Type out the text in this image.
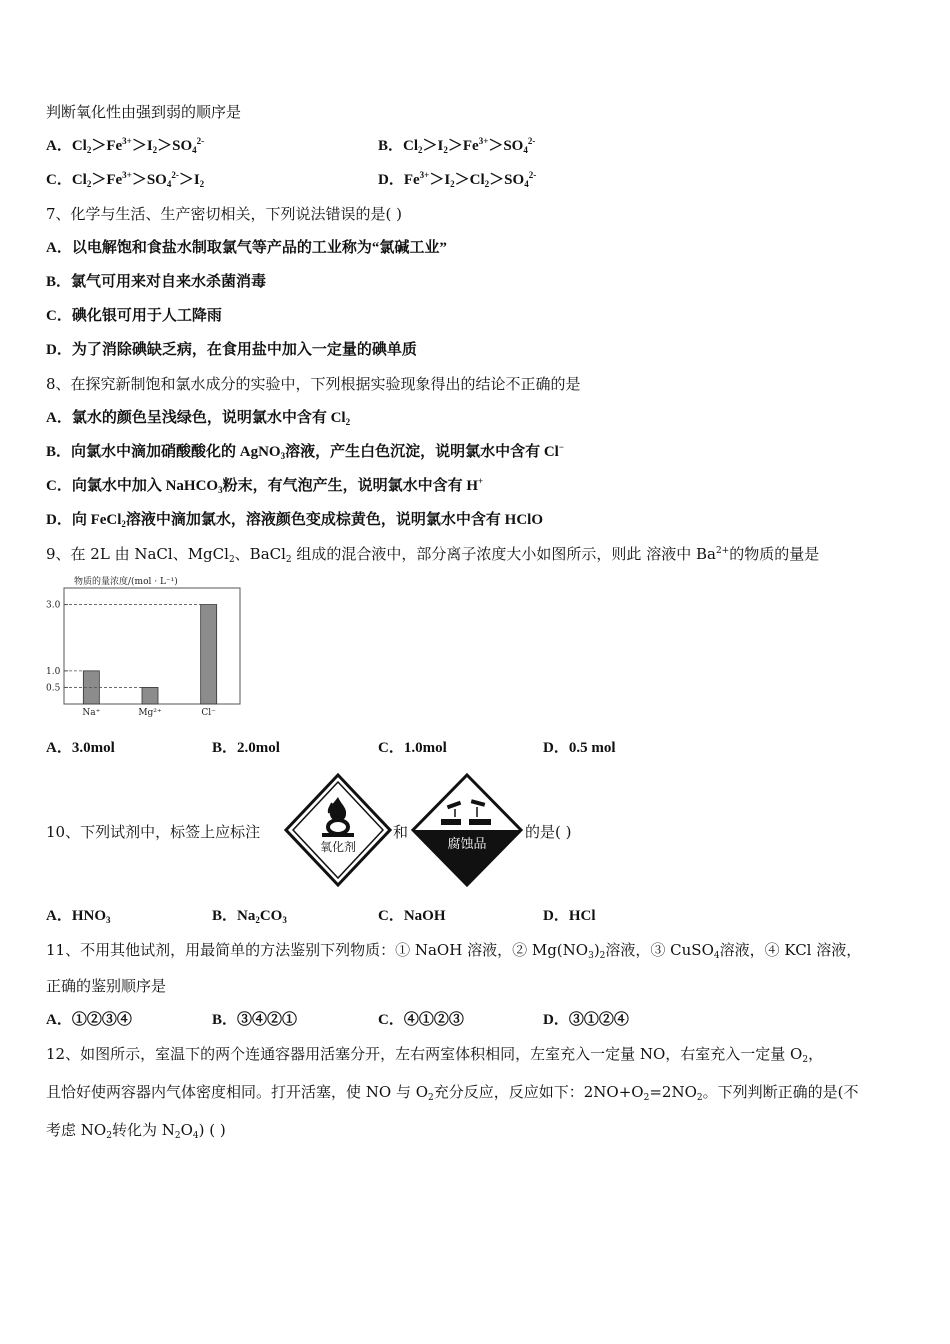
判断氧化性由强到弱的顺序是
A．$Cl_2>Fe^{3+}>I_2>SO_4^{2-}$	B．$Cl_2>I_2>Fe^{3+}>SO_4^{2-}$
C．$Cl_2>Fe^{3+}>SO_4^{2-}>I_2$	D．$Fe^{3+}>I_2>Cl_2>SO_4^{2-}$
7、化学与生活、生产密切相关，下列说法错误的是( )
A．以电解饱和食盐水制取氯气等产品的工业称为“氯碱工业”
B．氯气可用来对自来水杀菌消毒
C．碘化银可用于人工降雨
D．为了消除碘缺乏病，在食用盐中加入一定量的碘单质
8、在探究新制饱和氯水成分的实验中，下列根据实验现象得出的结论不正确的是
A．氯水的颜色呈浅绿色，说明氯水中含有 $Cl_2$
B．向氯水中滴加硝酸酸化的 AgNO$_3$溶液，产生白色沉淀，说明氯水中含有 Cl−
C．向氯水中加入 NaHCO$_3$粉末，有气泡产生，说明氯水中含有 H+
D．向 FeCl$_2$溶液中滴加氯水，溶液颜色变成棕黄色，说明氯水中含有 HClO
9、在 2L 由 NaCl、MgCl$_2$、BaCl$_2$ 组成的混合液中，部分离子浓度大小如图所示，则此 溶液中 $Ba^{2+}$的物质的量是
物质的量浓度/(mol · L⁻¹)
3.0
1.0
0.5
Na⁺	Mg²⁺	Cl⁻
A．3.0mol	B．2.0mol	C．1.0mol	D．0.5 mol
10、下列试剂中，标签上应标注
氧化剂
和
腐蚀品
的是( )
A．$HNO_3$	B．$Na_2CO_3$	C．NaOH	D．HCl
11、不用其他试剂，用最简单的方法鉴别下列物质：① NaOH 溶液，② $Mg(NO_3)_2$溶液，③ CuSO$_4$溶液，④ KCl 溶液，
正确的鉴别顺序是
A．①②③④	B．③④②①	C．④①②③	D．③①②④
12、如图所示，室温下的两个连通容器用活塞分开，左右两室体积相同，左室充入一定量 NO，右室充入一定量 $O_2$，
且恰好使两容器内气体密度相同。打开活塞，使 NO 与 $O_2$充分反应，反应如下：$2NO+O_2=2NO_2$。下列判断正确的是(不
考虑 $NO_2$转化为 $N_2O_4$) ( )
